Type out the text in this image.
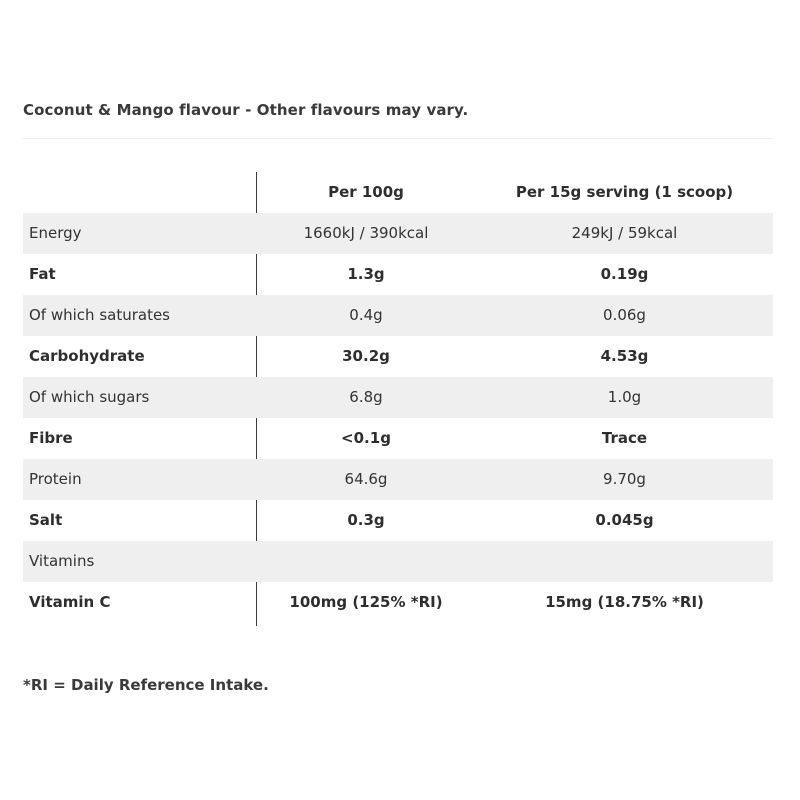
Coconut & Mango flavour - Other flavours may vary.
Per 100g	Per 15g serving (1 scoop)
Energy	1660kJ / 390kcal	249kJ / 59kcal
Fat	1.3g	0.19g
Of which saturates	0.4g	0.06g
Carbohydrate	30.2g	4.53g
Of which sugars	6.8g	1.0g
Fibre	<0.1g	Trace
Protein	64.6g	9.70g
Salt	0.3g	0.045g
Vitamins
Vitamin C	100mg (125% *RI)	15mg (18.75% *RI)
*RI = Daily Reference Intake.
